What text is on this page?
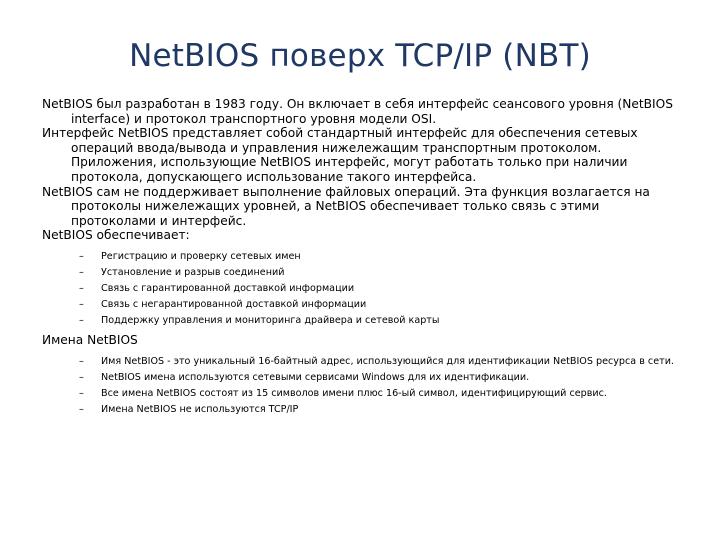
NetBIOS поверх TCP/IP (NBT)

NetBIOS был разработан в 1983 году. Он включает в себя интерфейс сеансового уровня (NetBIOS interface) и протокол транспортного уровня модели OSI.

Интерфейс NetBIOS представляет собой стандартный интерфейс для обеспечения сетевых операций ввода/вывода и управления нижележащим транспортным протоколом. Приложения, использующие NetBIOS интерфейс, могут работать только при наличии протокола, допускающего использование такого интерфейса.

NetBIOS сам не поддерживает выполнение файловых операций. Эта функция возлагается на протоколы нижележащих уровней, а NetBIOS обеспечивает только связь с этими протоколами и интерфейс.

NetBIOS обеспечивает:

– Регистрацию и проверку сетевых имен
– Установление и разрыв соединений
– Связь с гарантированной доставкой информации
– Связь с негарантированной доставкой информации
– Поддержку управления и мониторинга драйвера и сетевой карты

Имена NetBIOS

– Имя NetBIOS - это уникальный 16-байтный адрес, использующийся для идентификации NetBIOS ресурса в сети.
– NetBIOS имена используются сетевыми сервисами Windows для их идентификации.
– Все имена NetBIOS состоят из 15 символов имени плюс 16-ый символ, идентифицирующий сервис.
– Имена NetBIOS не используются TCP/IP
